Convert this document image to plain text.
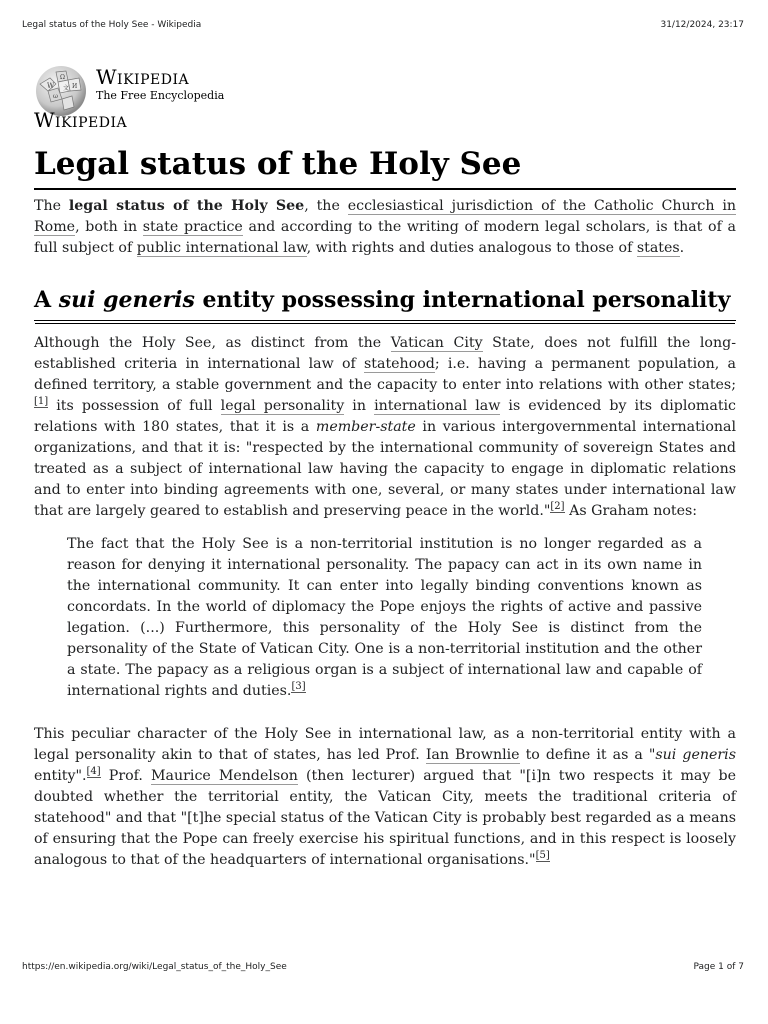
Legal status of the Holy See - Wikipedia	31/12/2024, 23:17
W
Ω
И
ω
文 Wikipedia
The Free Encyclopedia
Wikipedia
Legal status of the Holy See

The legal status of the Holy See, the ecclesiastical jurisdiction of the Catholic Church in Rome, both in state practice and according to the writing of modern legal scholars, is that of a full subject of public international law, with rights and duties analogous to those of states.

A sui generis entity possessing international personality

Although the Holy See, as distinct from the Vatican City State, does not fulfill the long-established criteria in international law of statehood; i.e. having a permanent population, a defined territory, a stable government and the capacity to enter into relations with other states;[1] its possession of full legal personality in international law is evidenced by its diplomatic relations with 180 states, that it is a member-state in various intergovernmental international organizations, and that it is: "respected by the international community of sovereign States and treated as a subject of international law having the capacity to engage in diplomatic relations and to enter into binding agreements with one, several, or many states under international law that are largely geared to establish and preserving peace in the world."[2] As Graham notes:

The fact that the Holy See is a non-territorial institution is no longer regarded as a reason for denying it international personality. The papacy can act in its own name in the international community. It can enter into legally binding conventions known as concordats. In the world of diplomacy the Pope enjoys the rights of active and passive legation. (...) Furthermore, this personality of the Holy See is distinct from the personality of the State of Vatican City. One is a non-territorial institution and the other a state. The papacy as a religious organ is a subject of international law and capable of international rights and duties.[3]

This peculiar character of the Holy See in international law, as a non-territorial entity with a legal personality akin to that of states, has led Prof. Ian Brownlie to define it as a "sui generis entity".[4] Prof. Maurice Mendelson (then lecturer) argued that "[i]n two respects it may be doubted whether the territorial entity, the Vatican City, meets the traditional criteria of statehood" and that "[t]he special status of the Vatican City is probably best regarded as a means of ensuring that the Pope can freely exercise his spiritual functions, and in this respect is loosely analogous to that of the headquarters of international organisations."[5]

https://en.wikipedia.org/wiki/Legal_status_of_the_Holy_See	Page 1 of 7
